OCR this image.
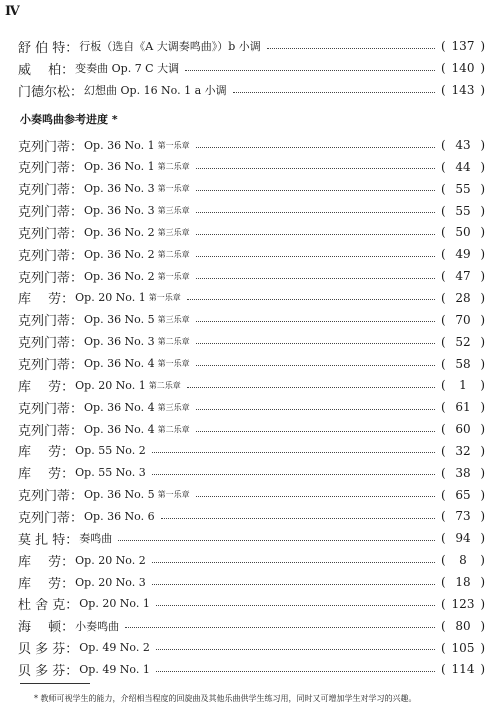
Ⅳ
舒 伯 特： 行板（选自《A 大调奏鸣曲》）b 小调	( 137 )
威　 柏： 变奏曲 Op. 7 C 大调	( 140 )
门德尔松： 幻想曲 Op. 16 No. 1 a 小调	( 143 )
小奏鸣曲参考进度 *
克列门蒂： Op. 36 No. 1 第一乐章	( 43 )
克列门蒂： Op. 36 No. 1 第二乐章	( 44 )
克列门蒂： Op. 36 No. 3 第一乐章	( 55 )
克列门蒂： Op. 36 No. 3 第三乐章	( 55 )
克列门蒂： Op. 36 No. 2 第三乐章	( 50 )
克列门蒂： Op. 36 No. 2 第二乐章	( 49 )
克列门蒂： Op. 36 No. 2 第一乐章	( 47 )
库　 劳： Op. 20 No. 1 第一乐章	( 28 )
克列门蒂： Op. 36 No. 5 第三乐章	( 70 )
克列门蒂： Op. 36 No. 3 第二乐章	( 52 )
克列门蒂： Op. 36 No. 4 第一乐章	( 58 )
库　 劳： Op. 20 No. 1 第二乐章	( 1 )
克列门蒂： Op. 36 No. 4 第三乐章	( 61 )
克列门蒂： Op. 36 No. 4 第二乐章	( 60 )
库　 劳： Op. 55 No. 2	( 32 )
库　 劳： Op. 55 No. 3	( 38 )
克列门蒂： Op. 36 No. 5 第一乐章	( 65 )
克列门蒂： Op. 36 No. 6	( 73 )
莫 扎 特： 奏鸣曲	( 94 )
库　 劳： Op. 20 No. 2	( 8 )
库　 劳： Op. 20 No. 3	( 18 )
杜 舍 克： Op. 20 No. 1	( 123 )
海　 顿： 小奏鸣曲	( 80 )
贝 多 芬： Op. 49 No. 2	( 105 )
贝 多 芬： Op. 49 No. 1	( 114 )
* 教师可视学生的能力，介绍相当程度的回旋曲及其他乐曲供学生练习用，同时又可增加学生对学习的兴趣。
